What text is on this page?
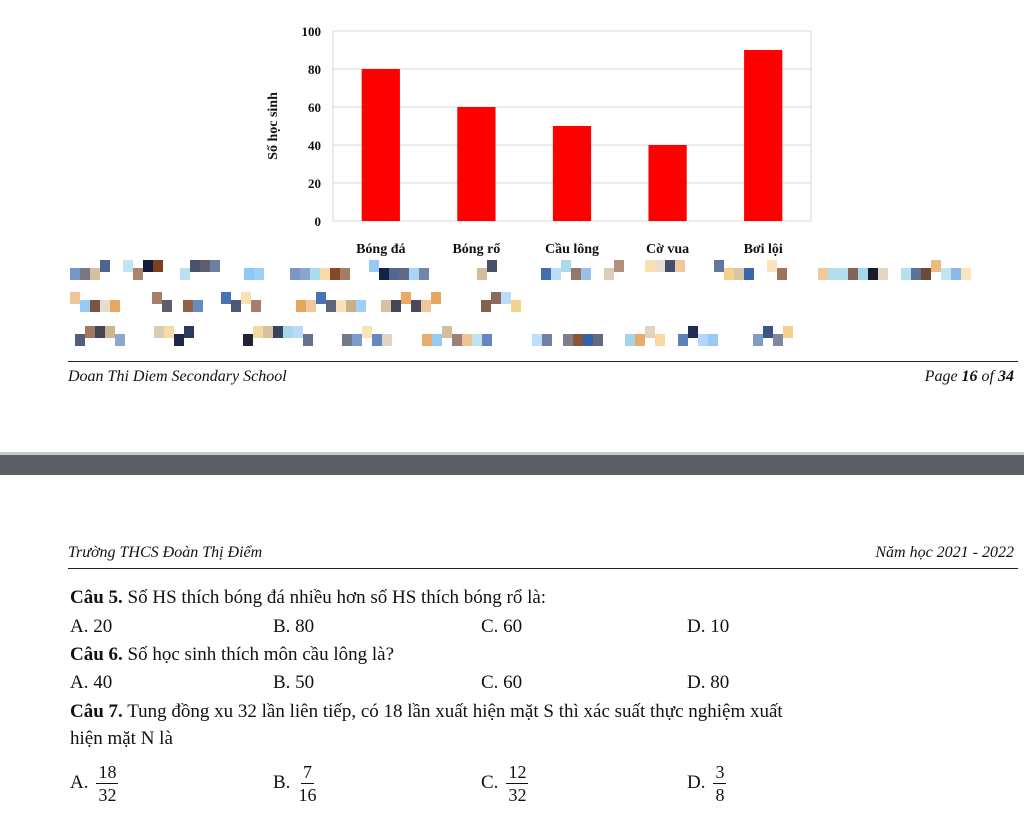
0
20
40
60
80
100
Bóng đá	Bóng rổ	Cầu lông	Cờ vua	Bơi lội
Số học sinh
Doan Thi Diem Secondary School	Page 16 of 34
Trường THCS Đoàn Thị Điểm	Năm học 2021 - 2022
Câu 5. Số HS thích bóng đá nhiều hơn số HS thích bóng rổ là:
A. 20	B. 80	C. 60	D. 10
Câu 6. Số học sinh thích môn cầu lông là?
A. 40	B. 50	C. 60	D. 80
Câu 7. Tung đồng xu 32 lần liên tiếp, có 18 lần xuất hiện mặt S thì xác suất thực nghiệm xuất
hiện mặt N là
A. $\frac{18}{32}$	B. $\frac{7}{16}$	C. $\frac{12}{32}$	D. $\frac{3}{8}$
